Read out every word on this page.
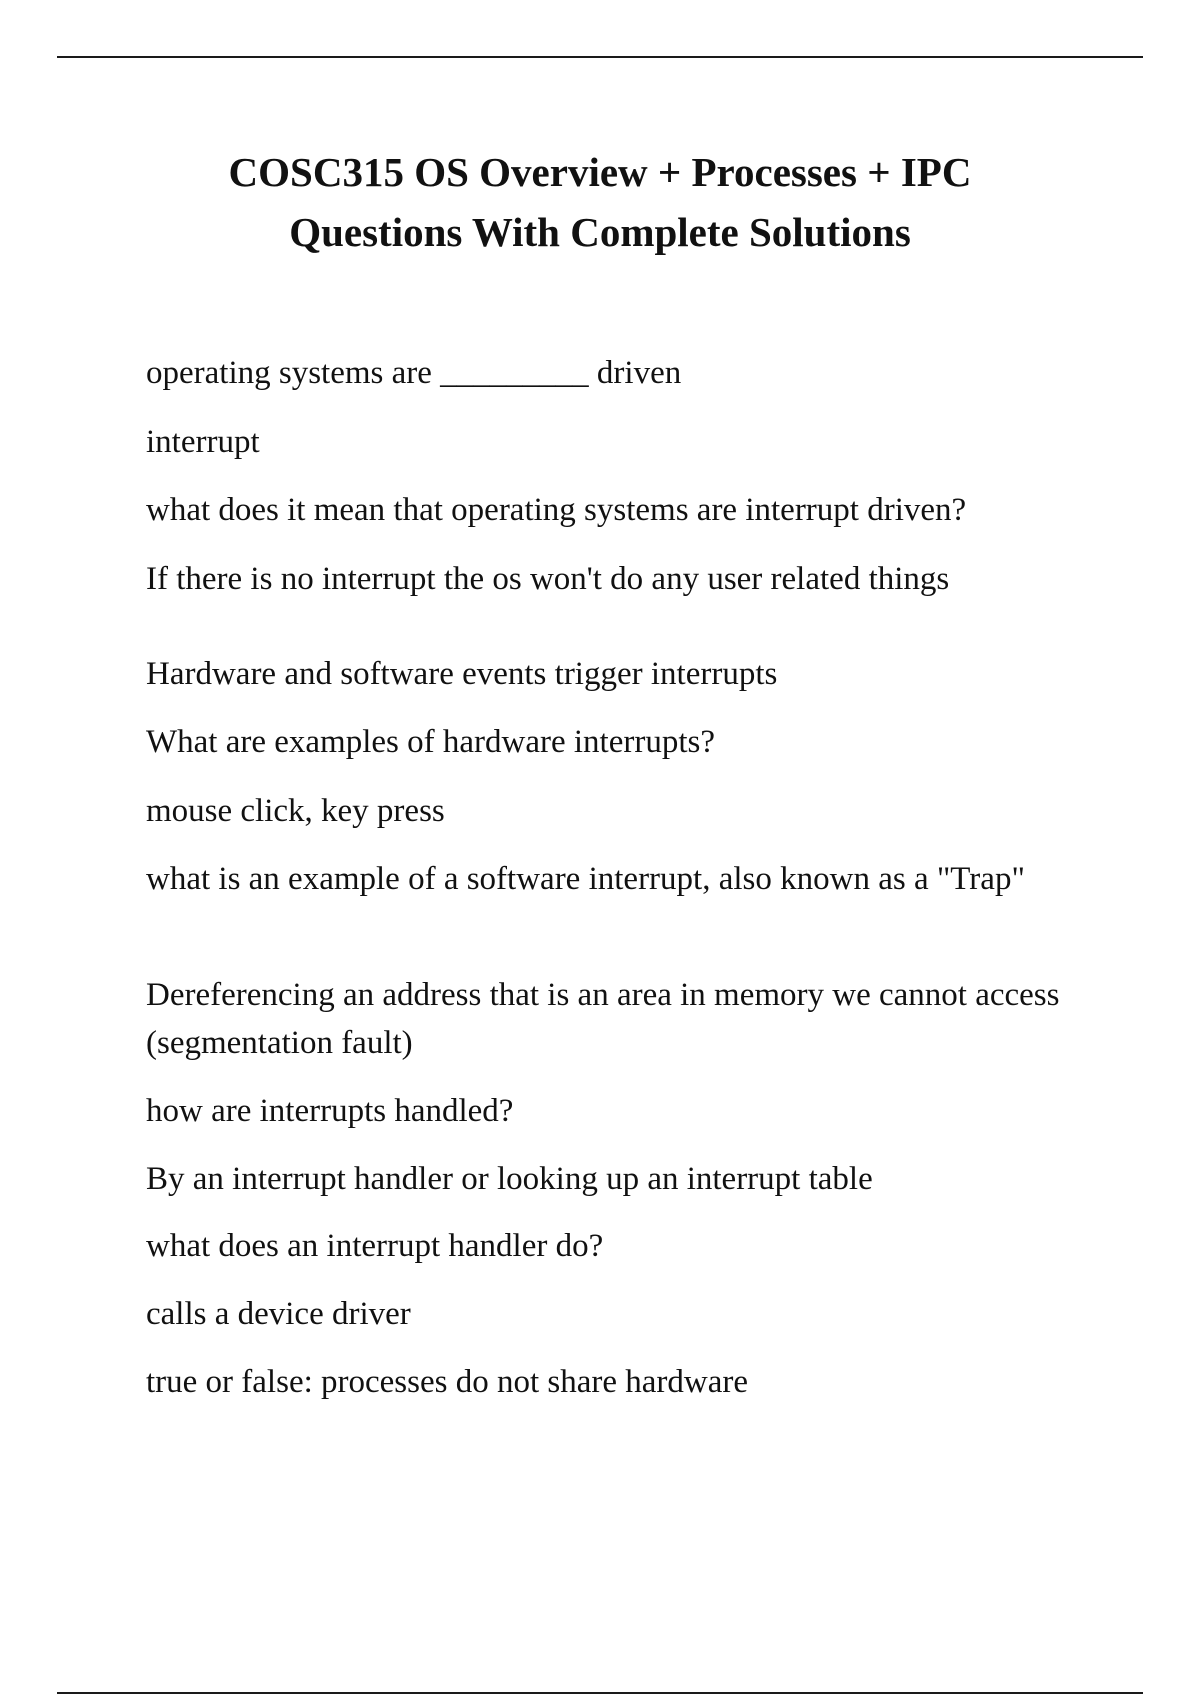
COSC315 OS Overview + Processes + IPC
Questions With Complete Solutions

operating systems are _________ driven

interrupt

what does it mean that operating systems are interrupt driven?

If there is no interrupt the os won't do any user related things

Hardware and software events trigger interrupts

What are examples of hardware interrupts?

mouse click, key press

what is an example of a software interrupt, also known as a "Trap"

Dereferencing an address that is an area in memory we cannot access (segmentation fault)

how are interrupts handled?

By an interrupt handler or looking up an interrupt table

what does an interrupt handler do?

calls a device driver

true or false: processes do not share hardware
